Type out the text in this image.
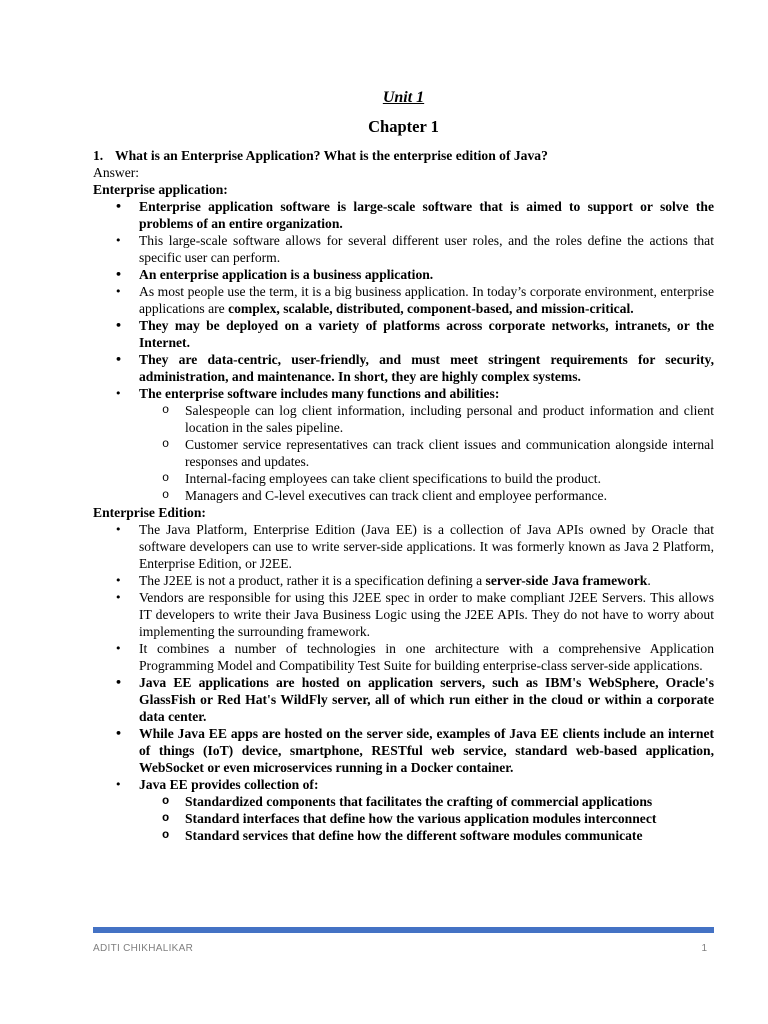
Unit 1

Chapter 1

1. What is an Enterprise Application? What is the enterprise edition of Java?

Answer:

Enterprise application:

• Enterprise application software is large-scale software that is aimed to support or solve the problems of an entire organization.
• This large-scale software allows for several different user roles, and the roles define the actions that specific user can perform.
• An enterprise application is a business application.
• As most people use the term, it is a big business application. In today’s corporate environment, enterprise applications are complex, scalable, distributed, component-based, and mission-critical.
• They may be deployed on a variety of platforms across corporate networks, intranets, or the Internet.
• They are data-centric, user-friendly, and must meet stringent requirements for security, administration, and maintenance. In short, they are highly complex systems.
• The enterprise software includes many functions and abilities:
o Salespeople can log client information, including personal and product information and client location in the sales pipeline.
o Customer service representatives can track client issues and communication alongside internal responses and updates.
o Internal-facing employees can take client specifications to build the product.
o Managers and C-level executives can track client and employee performance.

Enterprise Edition:

• The Java Platform, Enterprise Edition (Java EE) is a collection of Java APIs owned by Oracle that software developers can use to write server-side applications. It was formerly known as Java 2 Platform, Enterprise Edition, or J2EE.
• The J2EE is not a product, rather it is a specification defining a server-side Java framework.
• Vendors are responsible for using this J2EE spec in order to make compliant J2EE Servers. This allows IT developers to write their Java Business Logic using the J2EE APIs. They do not have to worry about implementing the surrounding framework.
• It combines a number of technologies in one architecture with a comprehensive Application Programming Model and Compatibility Test Suite for building enterprise-class server-side applications.
• Java EE applications are hosted on application servers, such as IBM's WebSphere, Oracle's GlassFish or Red Hat's WildFly server, all of which run either in the cloud or within a corporate data center.
• While Java EE apps are hosted on the server side, examples of Java EE clients include an internet of things (IoT) device, smartphone, RESTful web service, standard web-based application, WebSocket or even microservices running in a Docker container.
• Java EE provides collection of:
o Standardized components that facilitates the crafting of commercial applications
o Standard interfaces that define how the various application modules interconnect
o Standard services that define how the different software modules communicate
ADITI CHIKHALIKAR	1
